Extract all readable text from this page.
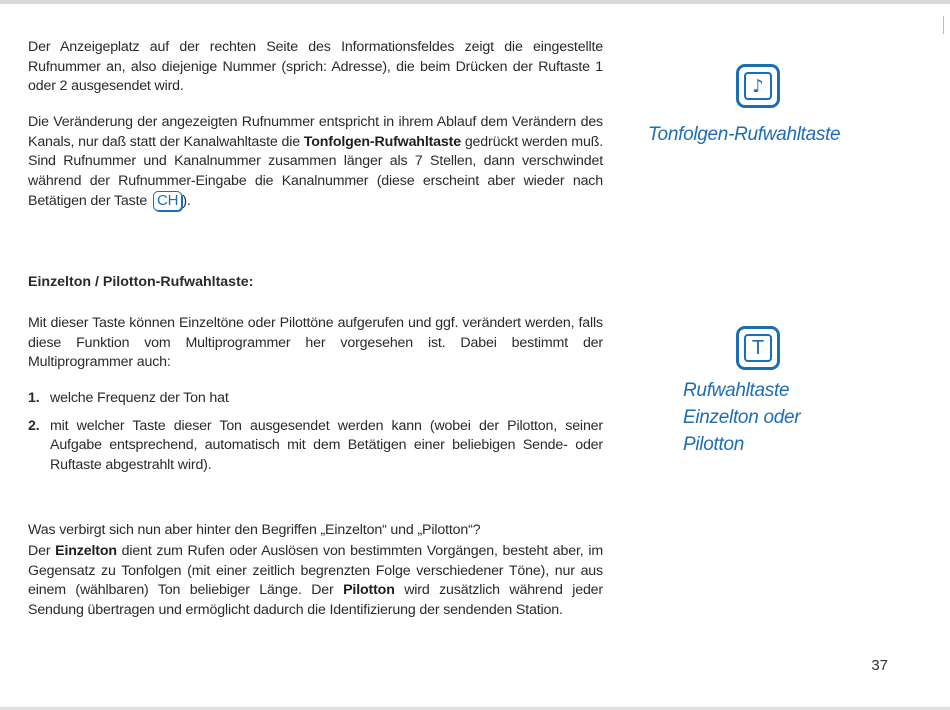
Der Anzeigeplatz auf der rechten Seite des Informationsfeldes zeigt die eingestellte Rufnummer an, also diejenige Nummer (sprich: Adresse), die beim Drücken der Ruftaste 1 oder 2 ausgesendet wird.

Die Veränderung der angezeigten Rufnummer entspricht in ihrem Ablauf dem Verändern des Kanals, nur daß statt der Kanalwahltaste die Tonfolgen-Rufwahltaste gedrückt werden muß. Sind Rufnummer und Kanalnummer zusammen länger als 7 Stellen, dann verschwindet während der Rufnummer-Eingabe die Kanalnummer (diese erscheint aber wieder nach Betätigen der Taste CH ).

Einzelton / Pilotton-Rufwahltaste:

Mit dieser Taste können Einzeltöne oder Pilottöne aufgerufen und ggf. verändert werden, falls diese Funktion vom Multiprogrammer her vorgesehen ist. Dabei bestimmt der Multiprogrammer auch:

1. welche Frequenz der Ton hat
2. mit welcher Taste dieser Ton ausgesendet werden kann (wobei der Pilotton, seiner Aufgabe entsprechend, automatisch mit dem Betätigen einer beliebigen Sende- oder Ruftaste abgestrahlt wird).

Was verbirgt sich nun aber hinter den Begriffen „Einzelton“ und „Pilotton“?

Der Einzelton dient zum Rufen oder Auslösen von bestimmten Vorgängen, besteht aber, im Gegensatz zu Tonfolgen (mit einer zeitlich begrenzten Folge verschiedener Töne), nur aus einem (wählbaren) Ton beliebiger Länge. Der Pilotton wird zusätzlich während jeder Sendung übertragen und ermöglicht dadurch die Identifizierung der sendenden Station.

♪

Tonfolgen-Rufwahltaste

T
Rufwahltaste
Einzelton oder
Pilotton
37
